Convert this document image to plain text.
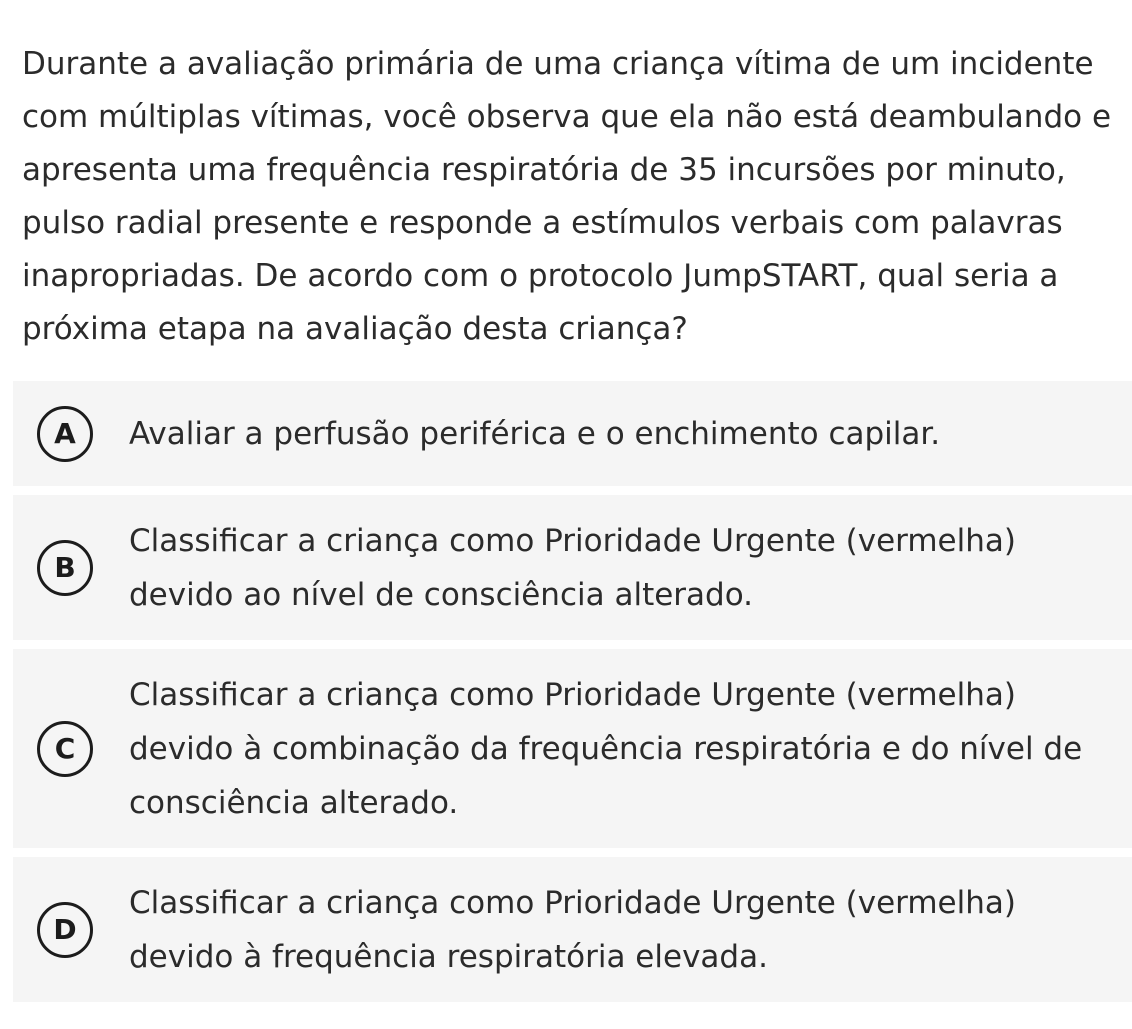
Durante a avaliação primária de uma criança vítima de um incidente com múltiplas vítimas, você observa que ela não está deambulando e apresenta uma frequência respiratória de 35 incursões por minuto, pulso radial presente e responde a estímulos verbais com palavras inapropriadas. De acordo com o protocolo JumpSTART, qual seria a próxima etapa na avaliação desta criança?
A	Avaliar a perfusão periférica e o enchimento capilar.
B
Classificar a criança como Prioridade Urgente (vermelha) devido ao nível de consciência alterado.
C
Classificar a criança como Prioridade Urgente (vermelha) devido à combinação da frequência respiratória e do nível de consciência alterado.
D
Classificar a criança como Prioridade Urgente (vermelha) devido à frequência respiratória elevada.
